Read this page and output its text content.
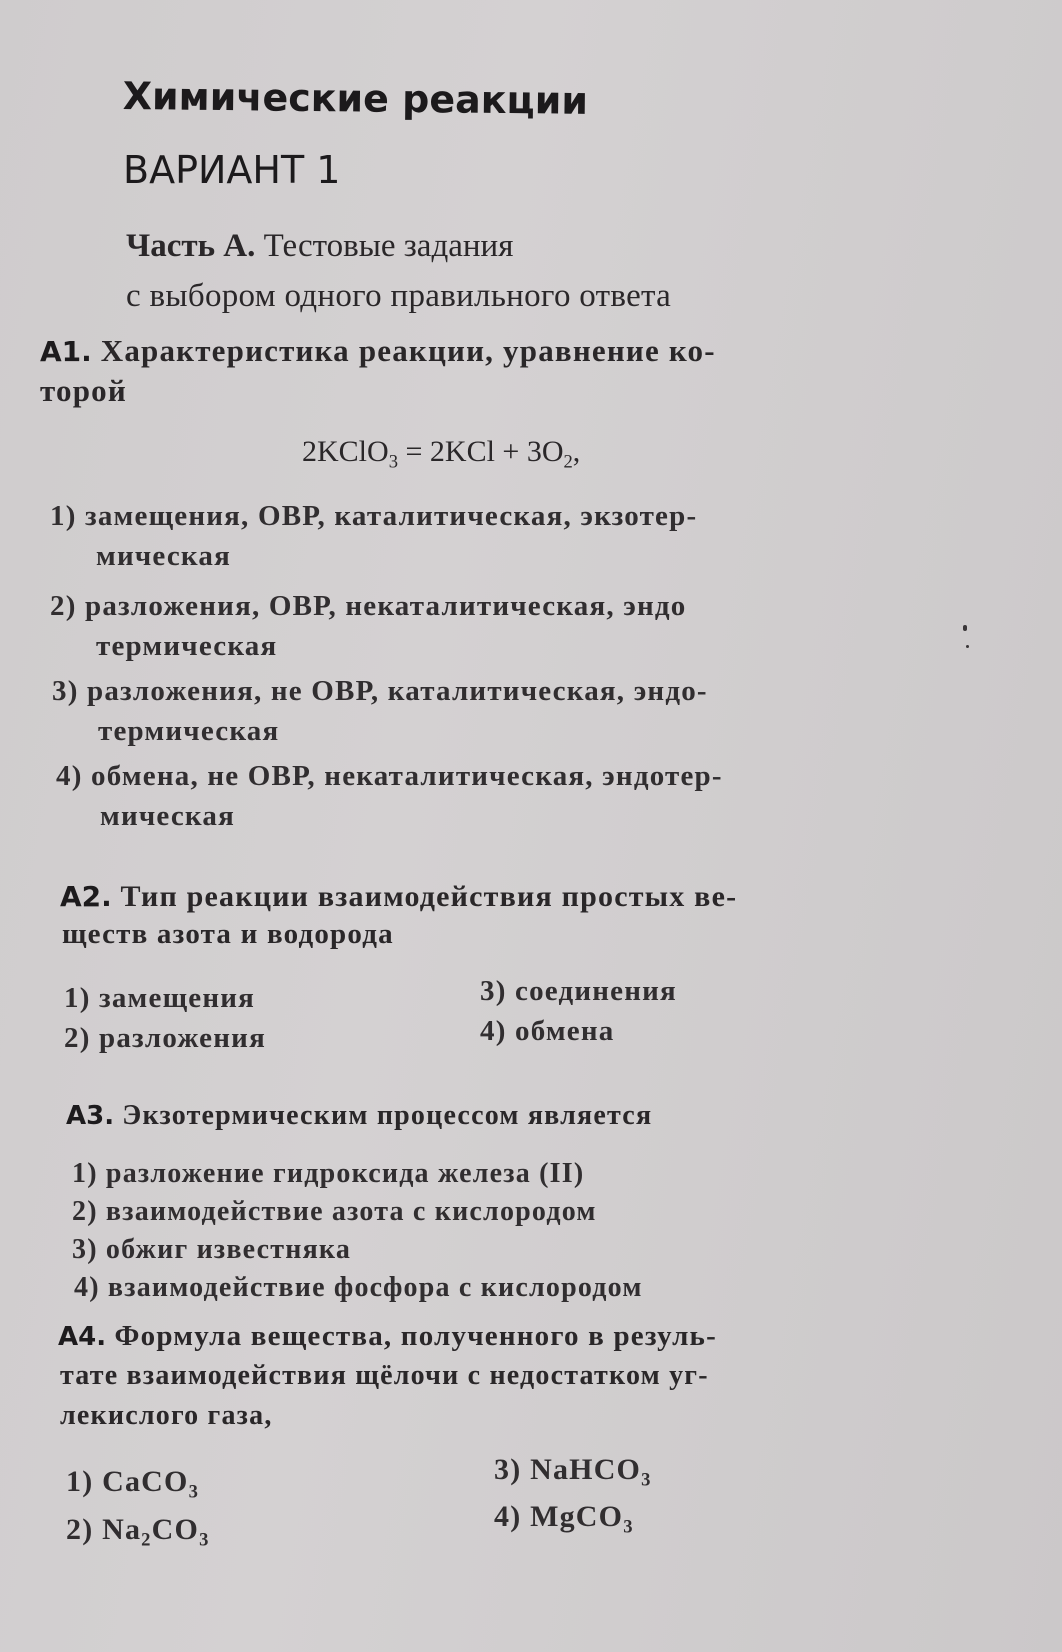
Химические реакции
ВАРИАНТ 1
Часть А. Тестовые задания
с выбором одного правильного ответа
А1. Характеристика реакции, уравнение ко-
торой
2KClO$_3$ = $2KCl + 3O_2$,
1) замещения, ОВР, каталитическая, экзотер-
мическая
2) разложения, ОВР, некаталитическая, эндо
термическая
3) разложения, не ОВР, каталитическая, эндо-
термическая
4) обмена, не ОВР, некаталитическая, эндотер-
мическая
А2. Тип реакции взаимодействия простых ве-
ществ азота и водорода
1) замещения
2) разложения
3) соединения
4) обмена
А3. Экзотермическим процессом является
1) разложение гидроксида железа (II)
2) взаимодействие азота с кислородом
3) обжиг известняка
4) взаимодействие фосфора с кислородом
А4. Формула вещества, полученного в резуль-
тате взаимодействия щёлочи с недостатком уг-
лекислого газа,
1) CaCO$_3$
2) $Na_2CO_3$
3) NaHCO$_3$
4) MgCO$_3$
